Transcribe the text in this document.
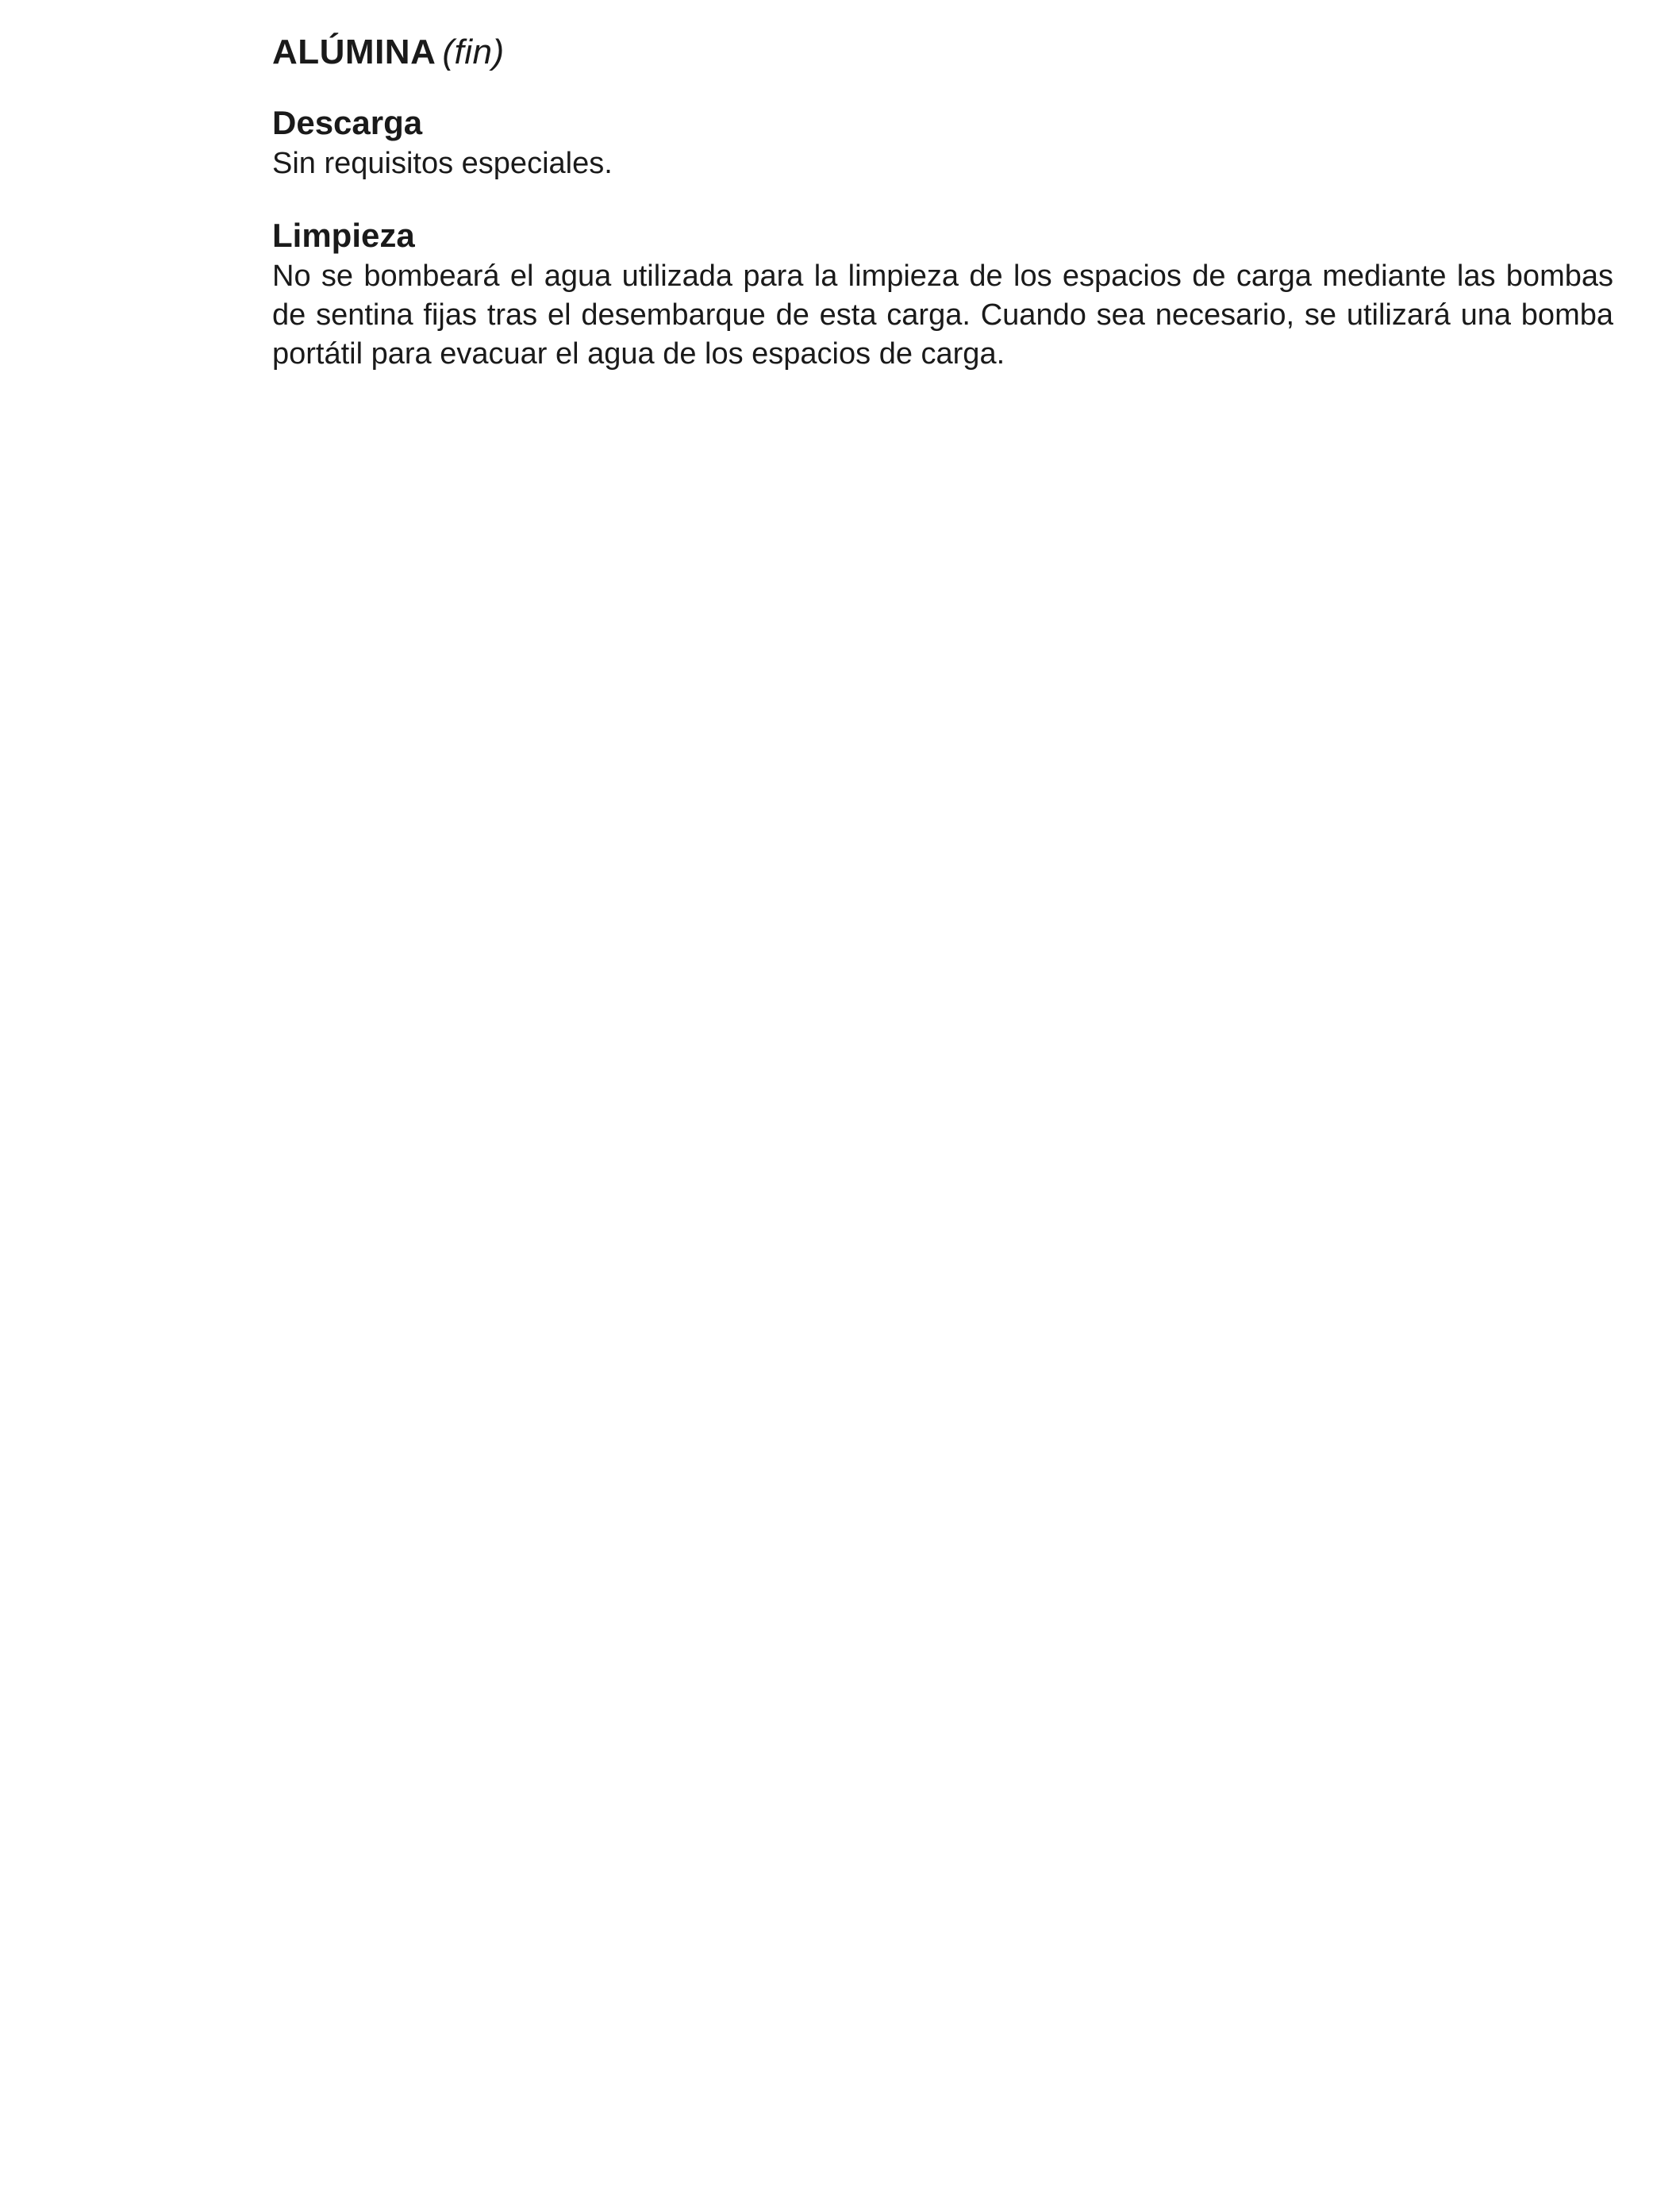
ALÚMINA (fin)
Descarga

Sin requisitos especiales.

Limpieza

No se bombeará el agua utilizada para la limpieza de los espacios de carga mediante las bombas de sentina fijas tras el desembarque de esta carga. Cuando sea necesario, se utilizará una bomba portátil para evacuar el agua de los espacios de carga.
